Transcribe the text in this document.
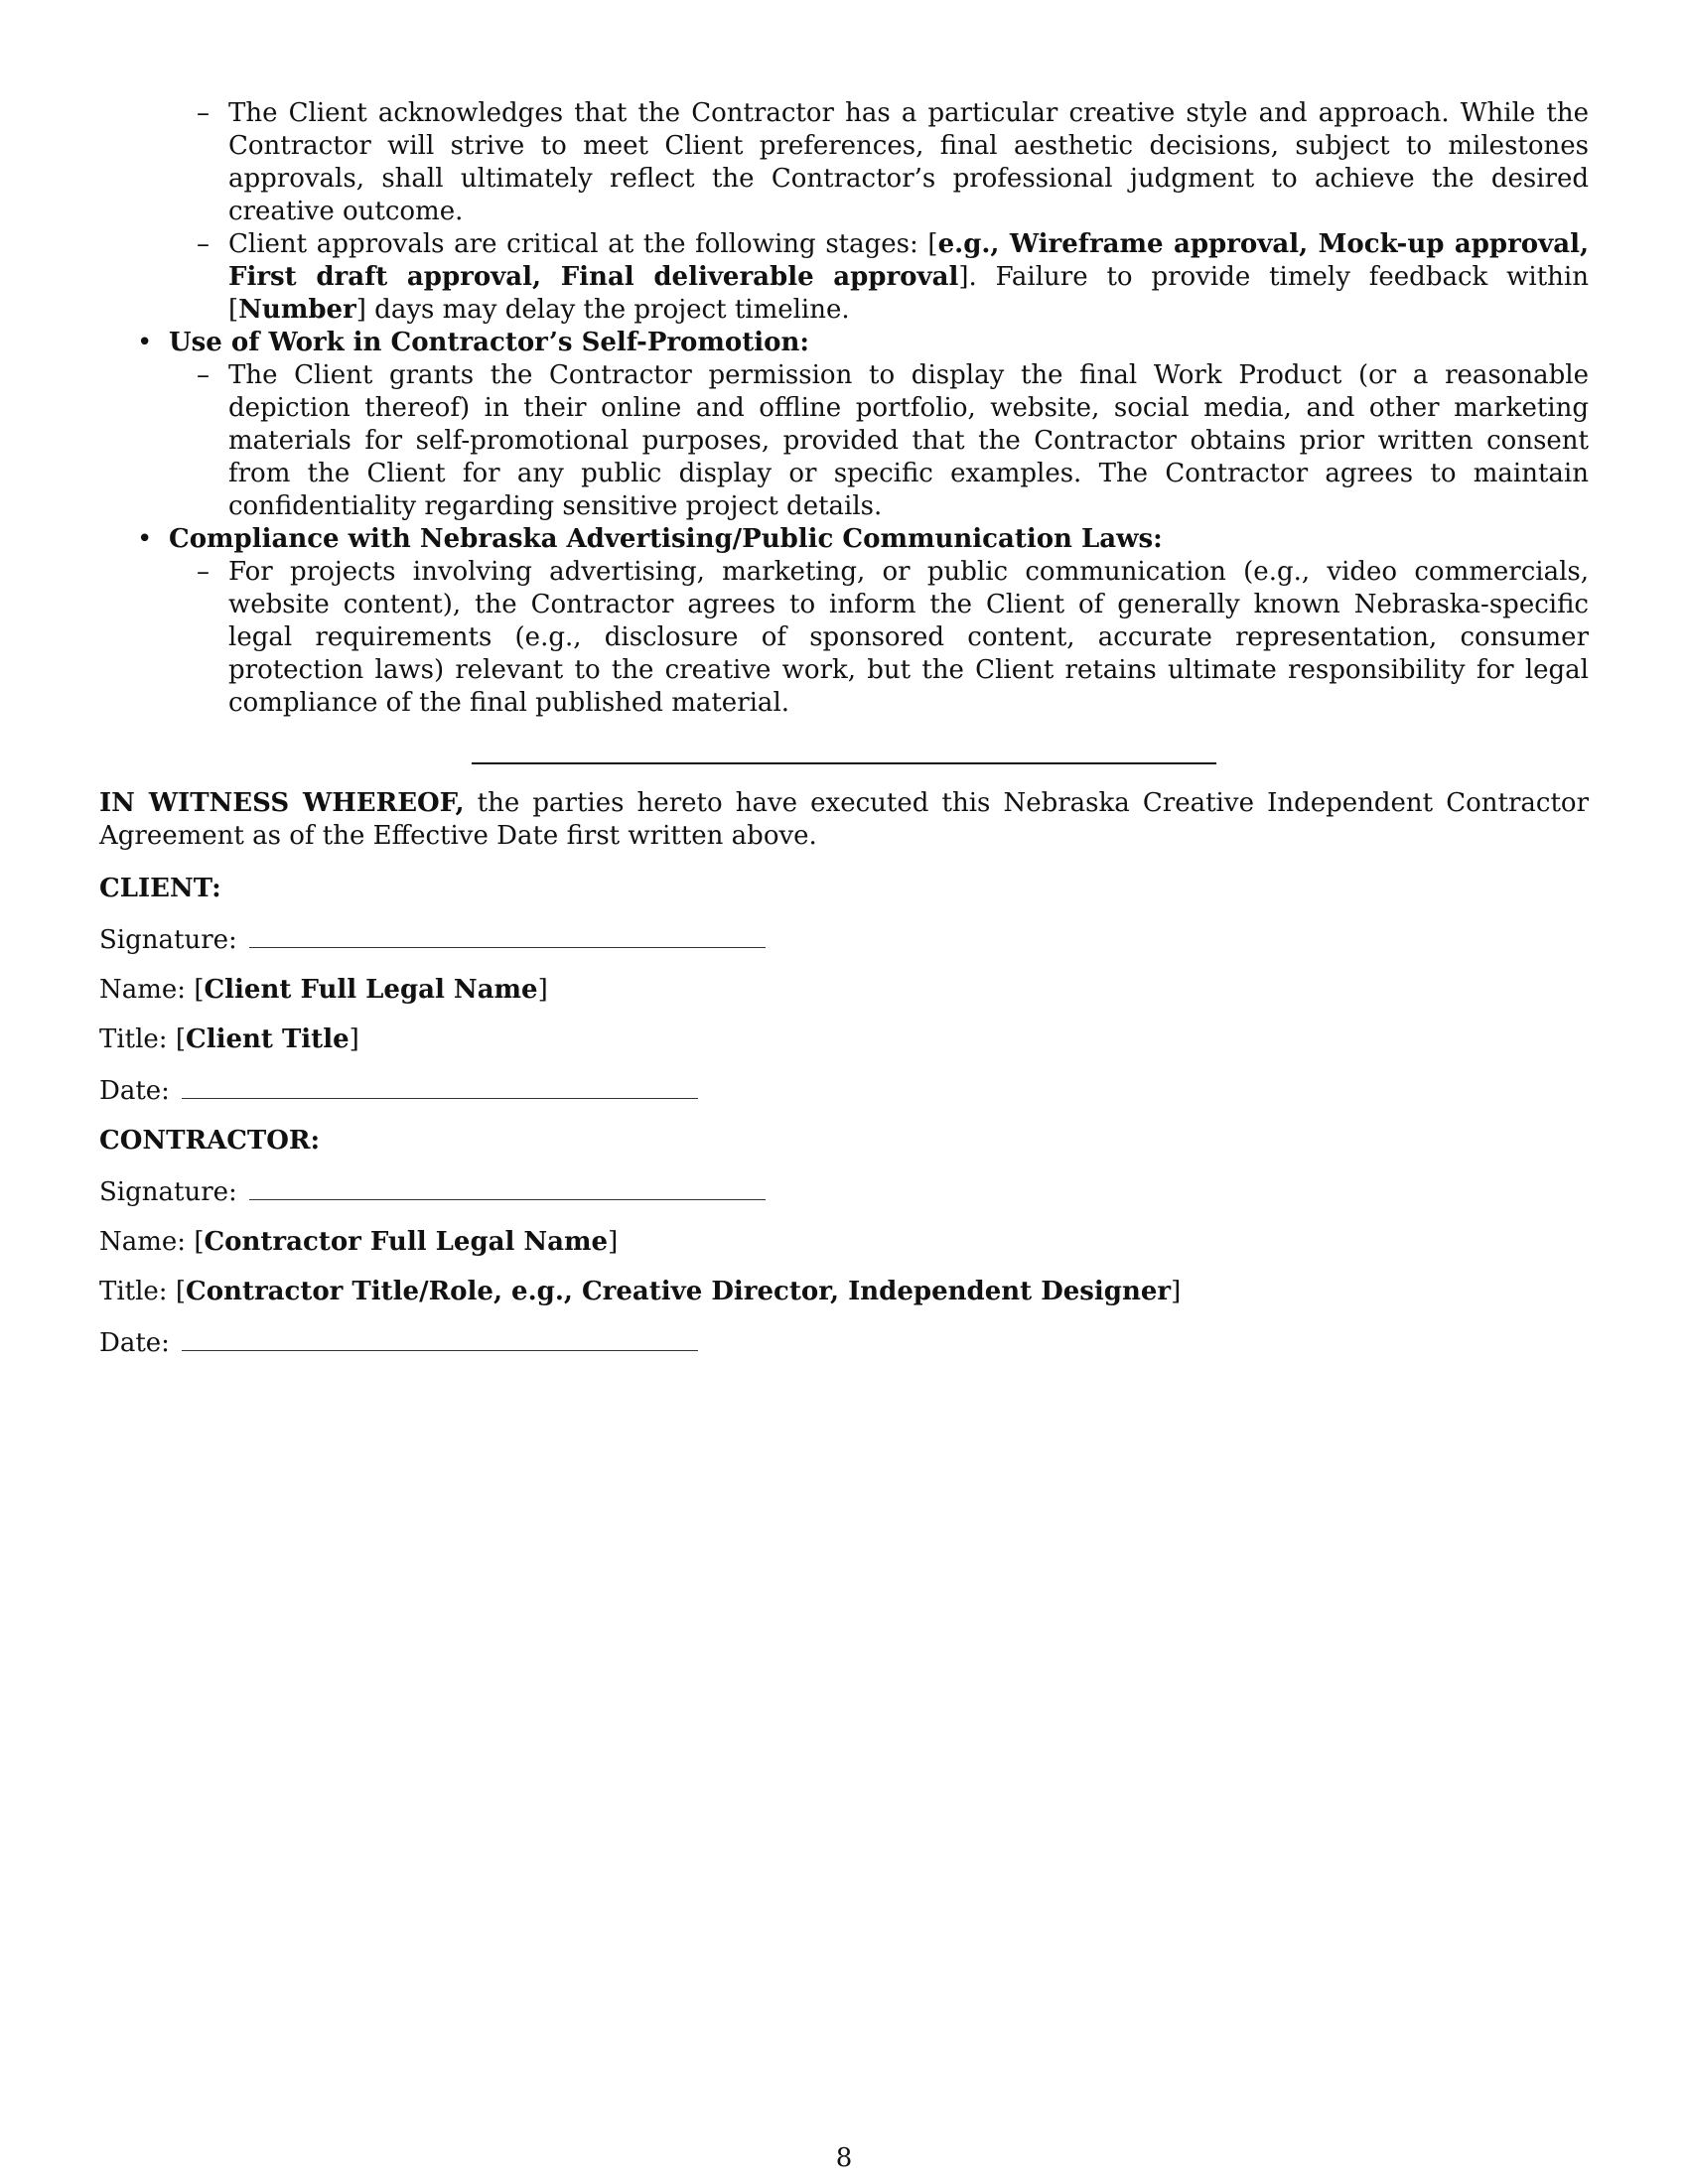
– The Client acknowledges that the Contractor has a particular creative style and approach. While the Contractor will strive to meet Client preferences, final aesthetic decisions, subject to milestones approvals, shall ultimately reflect the Contractor’s professional judgment to achieve the desired creative outcome.

– Client approvals are critical at the following stages: [e.g., Wireframe approval, Mock-up approval, First draft approval, Final deliverable approval]. Failure to provide timely feedback within [Number] days may delay the project timeline.

• Use of Work in Contractor’s Self-Promotion:

– The Client grants the Contractor permission to display the final Work Product (or a reasonable depiction thereof) in their online and offline portfolio, website, social media, and other marketing materials for self-promotional purposes, provided that the Contractor obtains prior written consent from the Client for any public display or specific examples. The Contractor agrees to maintain confidentiality regarding sensitive project details.

• Compliance with Nebraska Advertising/Public Communication Laws:

– For projects involving advertising, marketing, or public communication (e.g., video commercials, website content), the Contractor agrees to inform the Client of generally known Nebraska-specific legal requirements (e.g., disclosure of sponsored content, accurate representation, consumer protection laws) relevant to the creative work, but the Client retains ultimate responsibility for legal compliance of the final published material.

IN WITNESS WHEREOF, the parties hereto have executed this Nebraska Creative Independent Contractor Agreement as of the Effective Date first written above.

CLIENT:

Signature:

Name: [Client Full Legal Name]

Title: [Client Title]

Date:

CONTRACTOR:

Signature:

Name: [Contractor Full Legal Name]

Title: [Contractor Title/Role, e.g., Creative Director, Independent Designer]

Date:

8
